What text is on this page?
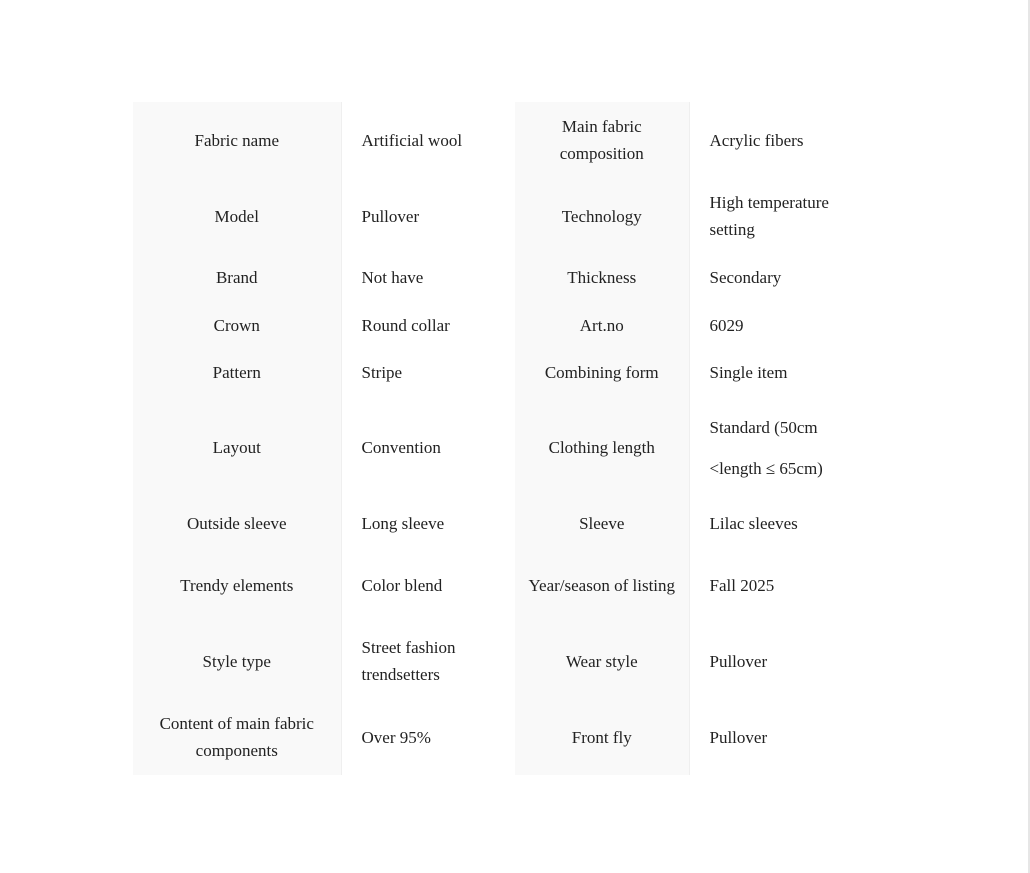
Fabric name	Artificial wool	Main fabric composition	Acrylic fibers
Model	Pullover	Technology	High temperature setting
Brand	Not have	Thickness	Secondary
Crown	Round collar	Art.no	6029
Pattern	Stripe	Combining form	Single item
Layout	Convention	Clothing length	Standard (50cm <length ≤ 65cm)
Outside sleeve	Long sleeve	Sleeve	Lilac sleeves
Trendy elements	Color blend	Year/season of listing	Fall 2025
Style type	Street fashion trendsetters	Wear style	Pullover
Content of main fabric components	Over 95%	Front fly	Pullover
